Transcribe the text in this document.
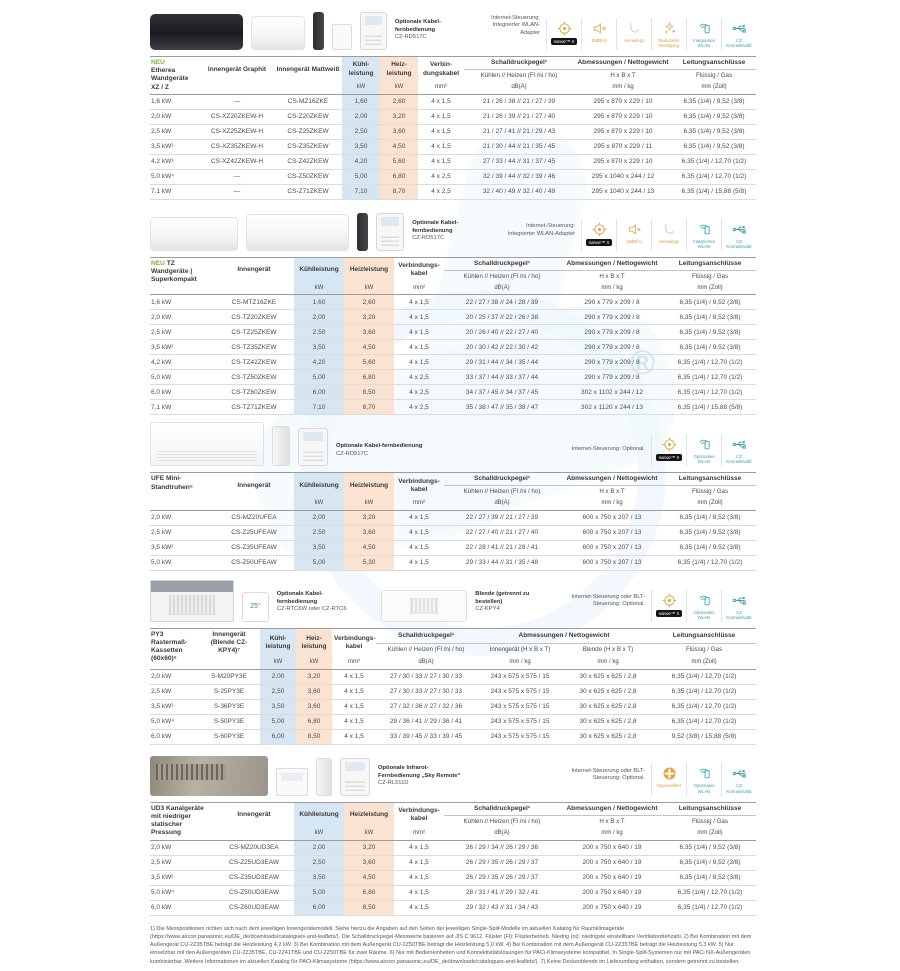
®
Optionale Kabel-fernbedienung
CZ-RD517C
Internet-Steuerung: Integrierter WLAN-Adapter
nanoe™ X	19dB(A)	Aerowings	Reduzierte Reinigung
Integriertes WLAN
CZ Konnektivität
NEU
Etherea Wandgeräte XZ / Z	Innengerät Graphit	Innengerät Mattweiß	Kühl-leistung	Heiz-leistung	Verbin-dungskabel	Schalldruckpegel¹	Abmessungen / Nettogewicht	Leitungsanschlüsse
						Kühlen // Heizen (Fl /ni / ho)	H x B x T	Flüssig / Gas
			kW	kW	mm²	dB(A)	mm / kg	mm (Zoll)
1,6 kW	—	CS-MZ16ZKE	1,60	2,60	4 x 1,5	21 / 26 / 38 // 21 / 27 / 39	295 x 870 x 229 / 10	6,35 (1/4) / 9,52 (3/8)
2,0 kW	CS-XZ20ZKEW-H	CS-Z20ZKEW	2,00	3,20	4 x 1,5	21 / 26 / 39 // 21 / 27 / 40	295 x 870 x 229 / 10	6,35 (1/4) / 9,52 (3/8)
2,5 kW	CS-XZ25ZKEW-H	CS-Z25ZKEW	2,50	3,60	4 x 1,5	21 / 27 / 41 // 21 / 29 / 43	295 x 870 x 229 / 10	6,35 (1/4) / 9,52 (3/8)
3,5 kW²	CS-XZ35ZKEW-H	CS-Z35ZKEW	3,50	4,50	4 x 1,5	21 / 30 / 44 // 21 / 35 / 45	295 x 870 x 229 / 11	6,35 (1/4) / 9,52 (3/8)
4,2 kW³	CS-XZ42ZKEW-H	CS-Z42ZKEW	4,20	5,60	4 x 1,5	27 / 33 / 44 // 31 / 37 / 45	295 x 870 x 229 / 10	6,35 (1/4) / 12,70 (1/2)
5,0 kW⁴	—	CS-Z50ZKEW	5,00	6,80	4 x 2,5	32 / 39 / 44 // 32 / 39 / 46	295 x 1040 x 244 / 12	6,35 (1/4) / 12,70 (1/2)
7,1 kW	—	CS-Z71ZKEW	7,10	8,70	4 x 2,5	32 / 40 / 49 // 32 / 40 / 49	295 x 1040 x 244 / 13	6,35 (1/4) / 15,88 (5/8)
Optionale Kabel-fernbedienung
CZ-RD517C
Internet-Steuerung: Integrierter WLAN-Adapter
nanoe™ X	19dB(A)	Aerowings	Integriertes WLAN
CZ Konnektivität
NEU TZ Wandgeräte | Superkompakt	Innengerät	Kühlleistung	Heizleistung	Verbindungs-kabel	Schalldruckpegel¹	Abmessungen / Nettogewicht	Leitungsanschlüsse
					Kühlen // Heizen (Fl /ni / ho)	H x B x T	Flüssig / Gas
		kW	kW	mm²	dB(A)	mm / kg	mm (Zoll)
1,6 kW	CS-MTZ16ZKE	1,60	2,60	4 x 1,5	22 / 27 / 38 // 24 / 28 / 39	290 x 779 x 209 / 8	6,35 (1/4) / 9,52 (3/8)
2,0 kW	CS-TZ20ZKEW	2,00	3,20	4 x 1,5	20 / 25 / 37 // 22 / 26 / 38	290 x 779 x 209 / 8	6,35 (1/4) / 9,52 (3/8)
2,5 kW	CS-TZ25ZKEW	2,50	3,60	4 x 1,5	20 / 26 / 40 // 22 / 27 / 40	290 x 779 x 209 / 8	6,35 (1/4) / 9,52 (3/8)
3,5 kW²	CS-TZ35ZKEW	3,50	4,50	4 x 1,5	20 / 30 / 42 // 22 / 30 / 42	290 x 779 x 209 / 8	6,35 (1/4) / 9,52 (3/8)
4,2 kW	CS-TZ42ZKEW	4,20	5,60	4 x 1,5	29 / 31 / 44 // 34 / 35 / 44	290 x 779 x 209 / 8	6,35 (1/4) / 12,70 (1/2)
5,0 kW	CS-TZ50ZKEW	5,00	6,80	4 x 2,5	33 / 37 / 44 // 33 / 37 / 44	290 x 779 x 209 / 8	6,35 (1/4) / 12,70 (1/2)
6,0 kW	CS-TZ60ZKEW	6,00	8,50	4 x 2,5	34 / 37 / 45 // 34 / 37 / 45	302 x 1102 x 244 / 12	6,35 (1/4) / 12,70 (1/2)
7,1 kW	CS-TZ71ZKEW	7,10	8,70	4 x 2,5	35 / 38 / 47 // 35 / 38 / 47	302 x 1120 x 244 / 13	6,35 (1/4) / 15,88 (5/8)
Optionale Kabel-fernbedienung
CZ-RD517C
Internet-Steuerung: Optional.
nanoe™ X	Optionales WLAN
CZ Konnektivität
UFE Mini-Standtruhen⁵	Innengerät	Kühlleistung	Heizleistung	Verbindungs-kabel	Schalldruckpegel¹	Abmessungen / Nettogewicht	Leitungsanschlüsse
					Kühlen // Heizen (Fl /ni / ho)	H x B x T	Flüssig / Gas
		kW	kW	mm²	dB(A)	mm / kg	mm (Zoll)
2,0 kW	CS-MZ20UFEA	2,00	3,20	4 x 1,5	22 / 27 / 39 // 21 / 27 / 39	600 x 750 x 207 / 13	6,35 (1/4) / 9,52 (3/8)
2,5 kW	CS-Z25UFEAW	2,50	3,60	4 x 1,5	22 / 27 / 40 // 21 / 27 / 40	600 x 750 x 207 / 13	6,35 (1/4) / 9,52 (3/8)
3,5 kW²	CS-Z35UFEAW	3,50	4,50	4 x 1,5	22 / 28 / 41 // 21 / 28 / 41	600 x 750 x 207 / 13	6,35 (1/4) / 9,52 (3/8)
5,0 kW	CS-Z50UFEAW	5,00	5,30	4 x 1,5	29 / 33 / 44 // 31 / 35 / 48	600 x 750 x 207 / 13	6,35 (1/4) / 12,70 (1/2)
25°
Optionale Kabel-fernbedienung
CZ-RTC6W oder CZ-RTC6
Blende (getrennt zu bestellen)
CZ-KPY4
Internet-Steuerung oder BLT-Steuerung: Optional.
nanoe™ X	Optionales WLAN
CZ Konnektivität
PY3 Rastermaß-Kassetten (60x60)⁶	Innengerät (Blende CZ-KPY4)⁷	Kühl-leistung	Heiz-leistung	Verbindungs-kabel	Schalldruckpegel¹	Abmessungen / Nettogewicht		Leitungsanschlüsse
					Kühlen // Heizen (Fl /ni / ho)	Innengerät (H x B x T)	Blende (H x B x T)	Flüssig / Gas
		kW	kW	mm²	dB(A)	mm / kg	mm / kg	mm (Zoll)
2,0 kW	S-M20PY3E	2,00	3,20	4 x 1,5	27 / 30 / 33 // 27 / 30 / 33	243 x 575 x 575 / 15	30 x 625 x 625 / 2,8	6,35 (1/4) / 12,70 (1/2)
2,5 kW	S-25PY3E	2,50	3,60	4 x 1,5	27 / 30 / 33 // 27 / 30 / 33	243 x 575 x 575 / 15	30 x 625 x 625 / 2,8	6,35 (1/4) / 12,70 (1/2)
3,5 kW²	S-36PY3E	3,50	3,60	4 x 1,5	27 / 32 / 36 // 27 / 32 / 36	243 x 575 x 575 / 15	30 x 625 x 625 / 2,8	6,35 (1/4) / 12,70 (1/2)
5,0 kW⁴	S-50PY3E	5,00	6,80	4 x 1,5	29 / 36 / 41 // 29 / 36 / 41	243 x 575 x 575 / 15	30 x 625 x 625 / 2,8	6,35 (1/4) / 12,70 (1/2)
6,0 kW	S-60PY3E	6,00	8,50	4 x 1,5	33 / 39 / 45 // 33 / 39 / 45	243 x 575 x 575 / 15	30 x 625 x 625 / 2,8	9,52 (3/8) / 15,88 (5/8)
Optionale Infrarot-Fernbedienung „Sky Remote“
CZ-RL511D
Internet-Steuerung oder BLT-Steuerung: Optional.
Hygienefilter	Optionales WLAN
CZ Konnektivität
UD3 Kanalgeräte mit niedriger statischer Pressung	Innengerät	Kühlleistung	Heizleistung	Verbindungs-kabel	Schalldruckpegel¹	Abmessungen / Nettogewicht	Leitungsanschlüsse
					Kühlen // Heizen (Fl /ni / ho)	H x B x T	Flüssig / Gas
		kW	kW	mm²	dB(A)	mm / kg	mm (Zoll)
2,0 kW	CS-MZ20UD3EA	2,00	3,20	4 x 1,5	26 / 29 / 34 // 26 / 29 / 36	200 x 750 x 640 / 19	6,35 (1/4) / 9,52 (3/8)
2,5 kW	CS-Z25UD3EAW	2,50	3,60	4 x 1,5	26 / 29 / 35 // 26 / 29 / 37	200 x 750 x 640 / 19	6,35 (1/4) / 9,52 (3/8)
3,5 kW²	CS-Z35UD3EAW	3,50	4,50	4 x 1,5	26 / 29 / 35 // 26 / 29 / 37	200 x 750 x 640 / 19	6,35 (1/4) / 9,52 (3/8)
5,0 kW⁴	CS-Z50UD3EAW	5,00	6,80	4 x 1,5	28 / 31 / 41 // 29 / 32 / 41	200 x 750 x 640 / 19	6,35 (1/4) / 12,70 (1/2)
6,0 kW	CS-Z60UD3EAW	6,00	8,50	4 x 1,5	29 / 32 / 43 // 31 / 34 / 43	200 x 750 x 640 / 19	6,35 (1/4) / 12,70 (1/2)

1) Die Messpositionen richten sich nach dem jeweiligen Innengerätemodell. Siehe hierzu die Angaben auf den Seiten der jeweiligen Single-Split-Modelle im aktuellen Katalog für Raumklimageräte (https://www.aircon.panasonic.eu/DE_de/downloads/catalogues-and-leaflets/). Die Schalldruckpegel-Messwerte basieren auf JIS C 9612. Flüster (Fl): Flüsterbetrieb. Niedrig (ni): niedrigste einstellbare Ventilatordrehzahl. 2) Bei Kombination mit dem Außengerät CU-2Z35TBE beträgt die Heizleistung 4,2 kW. 3) Bei Kombination mit dem Außengerät CU-2Z50TBE beträgt die Heizleistung 5,0 kW. 4) Bei Kombination mit dem Außengerät CU-2Z35TBE beträgt die Heizleistung 5,3 kW. 5) Nur einsetzbar mit den Außengeräten CU-2Z35TBE, CU-2Z41TBE und CU-2Z50TBE für zwei Räume. 6) Nur mit Bedieneinheiten und Konnektivitätslösungen für PACi-Klimasysteme kompatibel. In Single-Split-Systemen nur mit PACi NX-Außengeräten kombinierbar. Weitere Informationen im aktuellen Katalog für PACi-Klimasysteme (https://www.aircon.panasonic.eu/DE_de/downloads/catalogues-and-leaflets/). 7) Keine Deckenblende im Lieferumfang enthalten, sondern getrennt zu bestellen.
